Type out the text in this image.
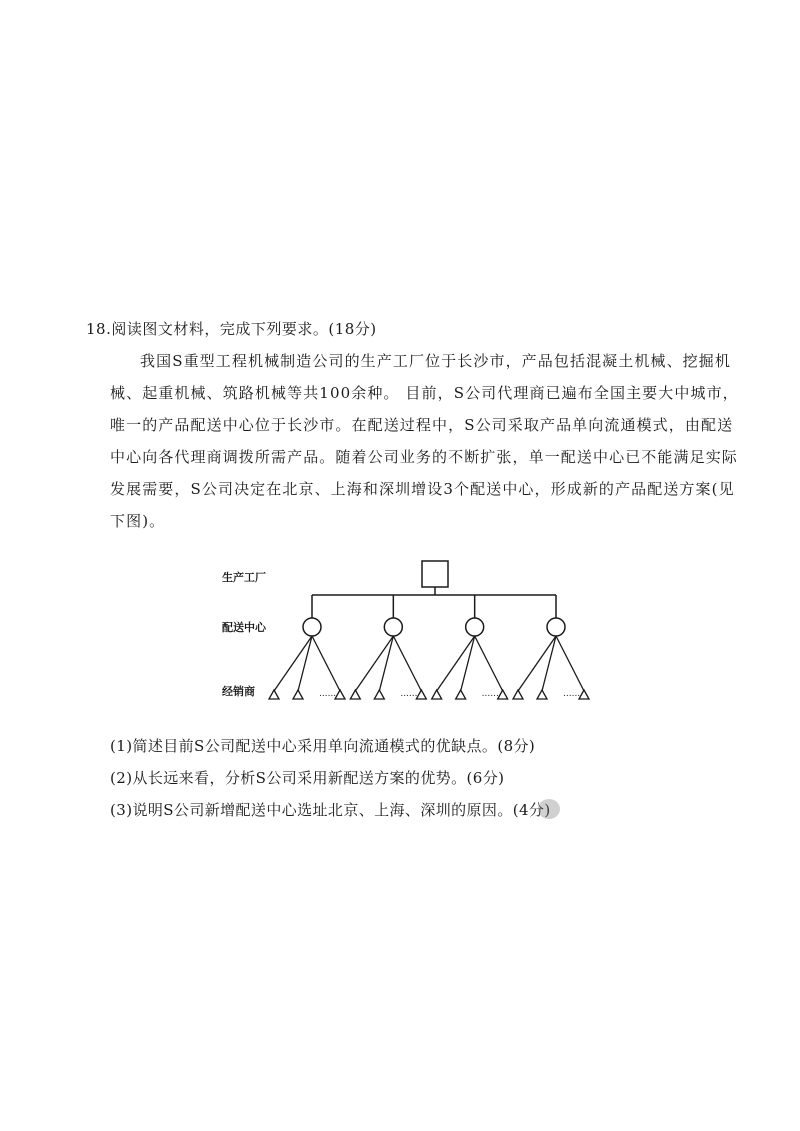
18.阅读图文材料，完成下列要求。(18分)
我国S重型工程机械制造公司的生产工厂位于长沙市，产品包括混凝土机械、挖掘机
械、起重机械、筑路机械等共100余种。 目前，S公司代理商已遍布全国主要大中城市，
唯一的产品配送中心位于长沙市。在配送过程中，S公司采取产品单向流通模式，由配送
中心向各代理商调拨所需产品。随着公司业务的不断扩张，单一配送中心已不能满足实际
发展需要，S公司决定在北京、上海和深圳增设3个配送中心，形成新的产品配送方案(见
下图)。
生产工厂
配送中心
经销商	......	......	......	......
(1)简述目前S公司配送中心采用单向流通模式的优缺点。(8分)
(2)从长远来看，分析S公司采用新配送方案的优势。(6分)
(3)说明S公司新增配送中心选址北京、上海、深圳的原因。(4分)
